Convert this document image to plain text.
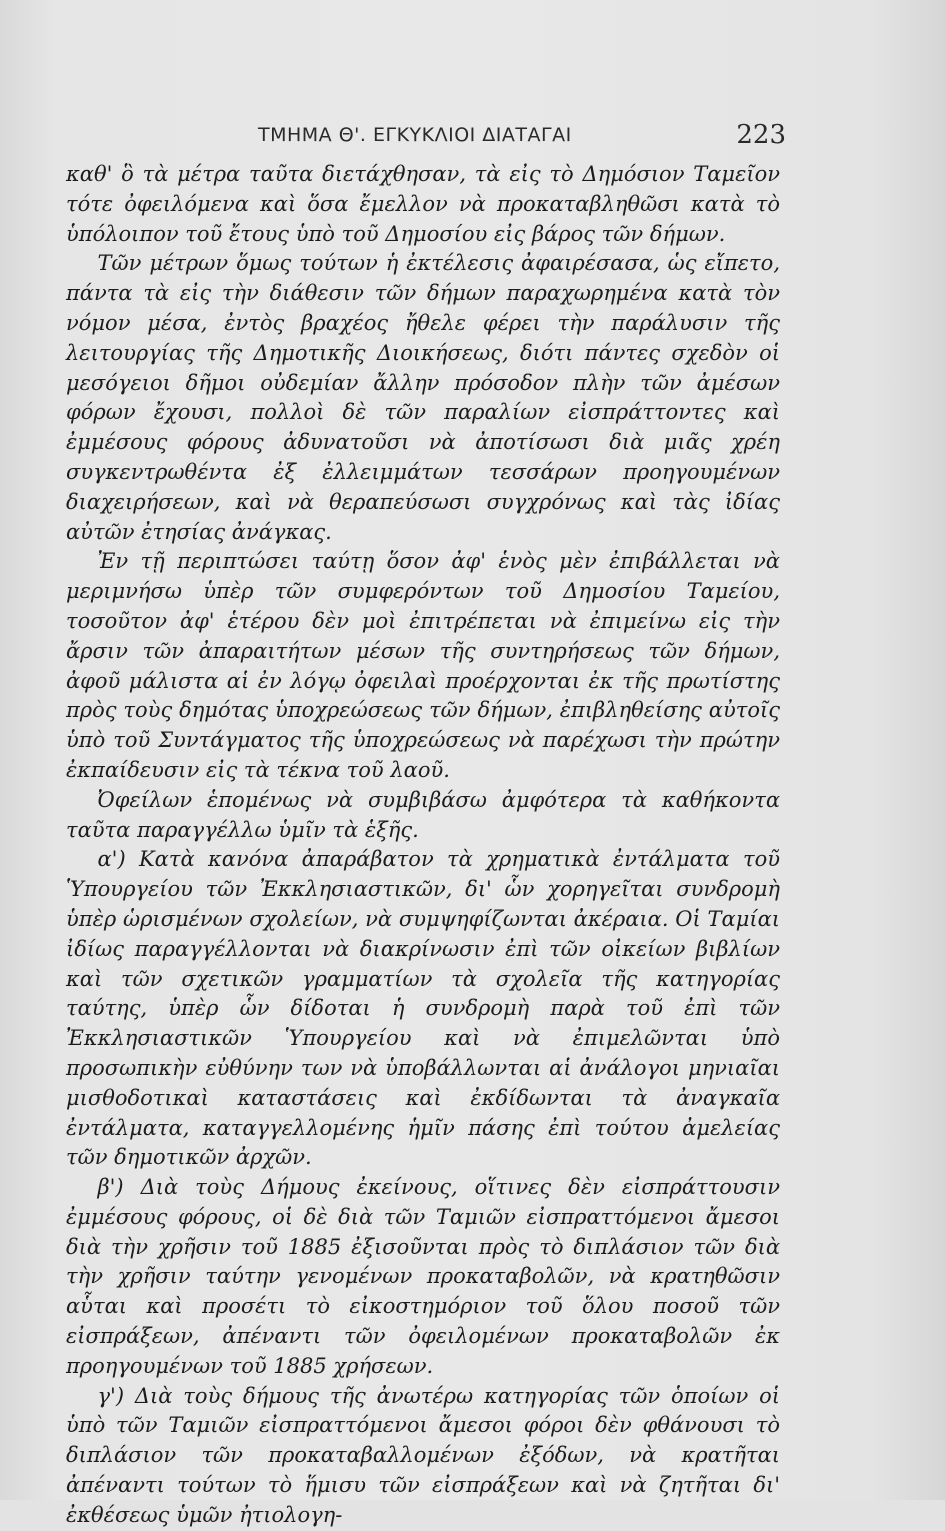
ΤΜΗΜΑ Θ'. ΕΓΚΥΚΛΙΟΙ ΔΙΑΤΑΓΑΙ	223

καθ' ὃ τὰ μέτρα ταῦτα διετάχθησαν, τὰ εἰς τὸ Δημόσιον Ταμεῖον τότε ὀφειλόμενα καὶ ὅσα ἔμελλον νὰ προκαταβληθῶσι κατὰ τὸ ὑπόλοιπον τοῦ ἔτους ὑπὸ τοῦ Δημοσίου εἰς βάρος τῶν δήμων.

Τῶν μέτρων ὅμως τούτων ἡ ἐκτέλεσις ἀφαιρέσασα, ὡς εἴπετο, πάντα τὰ εἰς τὴν διάθεσιν τῶν δήμων παραχωρημένα κατὰ τὸν νόμον μέσα, ἐντὸς βραχέος ἤθελε φέρει τὴν παράλυσιν τῆς λειτουργίας τῆς Δημοτικῆς Διοικήσεως, διότι πάντες σχεδὸν οἱ μεσόγειοι δῆμοι οὐδεμίαν ἄλλην πρόσοδον πλὴν τῶν ἀμέσων φόρων ἔχουσι, πολλοὶ δὲ τῶν παραλίων εἰσπράττοντες καὶ ἐμμέσους φόρους ἀδυνατοῦσι νὰ ἀποτίσωσι διὰ μιᾶς χρέη συγκεντρωθέντα ἐξ ἐλλειμμάτων τεσσάρων προηγουμένων διαχειρήσεων, καὶ νὰ θεραπεύσωσι συγχρόνως καὶ τὰς ἰδίας αὐτῶν ἐτησίας ἀνάγκας.

Ἐν τῇ περιπτώσει ταύτῃ ὅσον ἀφ' ἑνὸς μὲν ἐπιβάλλεται νὰ μεριμνήσω ὑπὲρ τῶν συμφερόντων τοῦ Δημοσίου Ταμείου, τοσοῦτον ἀφ' ἑτέρου δὲν μοὶ ἐπιτρέπεται νὰ ἐπιμείνω εἰς τὴν ἄρσιν τῶν ἀπαραιτήτων μέσων τῆς συντηρήσεως τῶν δήμων, ἀφοῦ μάλιστα αἱ ἐν λόγῳ ὀφειλαὶ προέρχονται ἐκ τῆς πρωτίστης πρὸς τοὺς δημότας ὑποχρεώσεως τῶν δήμων, ἐπιβληθείσης αὐτοῖς ὑπὸ τοῦ Συντάγματος τῆς ὑποχρεώσεως νὰ παρέχωσι τὴν πρώτην ἐκπαίδευσιν εἰς τὰ τέκνα τοῦ λαοῦ.

Ὀφείλων ἑπομένως νὰ συμβιβάσω ἀμφότερα τὰ καθήκοντα ταῦτα παραγγέλλω ὑμῖν τὰ ἑξῆς.

α') Κατὰ κανόνα ἀπαράβατον τὰ χρηματικὰ ἐντάλματα τοῦ Ὑπουργείου τῶν Ἐκκλησιαστικῶν, δι' ὧν χορηγεῖται συνδρομὴ ὑπὲρ ὡρισμένων σχολείων, νὰ συμψηφίζωνται ἀκέραια. Οἱ Ταμίαι ἰδίως παραγγέλλονται νὰ διακρίνωσιν ἐπὶ τῶν οἰκείων βιβλίων καὶ τῶν σχετικῶν γραμματίων τὰ σχολεῖα τῆς κατηγορίας ταύτης, ὑπὲρ ὧν δίδοται ἡ συνδρομὴ παρὰ τοῦ ἐπὶ τῶν Ἐκκλησιαστικῶν Ὑπουργείου καὶ νὰ ἐπιμελῶνται ὑπὸ προσωπικὴν εὐθύνην των νὰ ὑποβάλλωνται αἱ ἀνάλογοι μηνιαῖαι μισθοδοτικαὶ καταστάσεις καὶ ἐκδίδωνται τὰ ἀναγκαῖα ἐντάλματα, καταγγελλομένης ἡμῖν πάσης ἐπὶ τούτου ἀμελείας τῶν δημοτικῶν ἀρχῶν.

β') Διὰ τοὺς Δήμους ἐκείνους, οἵτινες δὲν εἰσπράττουσιν ἐμμέσους φόρους, οἱ δὲ διὰ τῶν Ταμιῶν εἰσπραττόμενοι ἄμεσοι διὰ τὴν χρῆσιν τοῦ 1885 ἐξισοῦνται πρὸς τὸ διπλάσιον τῶν διὰ τὴν χρῆσιν ταύτην γενομένων προκαταβολῶν, νὰ κρατηθῶσιν αὗται καὶ προσέτι τὸ εἰκοστημόριον τοῦ ὅλου ποσοῦ τῶν εἰσπράξεων, ἀπέναντι τῶν ὀφειλομένων προκαταβολῶν ἐκ προηγουμένων τοῦ 1885 χρήσεων.

γ') Διὰ τοὺς δήμους τῆς ἀνωτέρω κατηγορίας τῶν ὁποίων οἱ ὑπὸ τῶν Ταμιῶν εἰσπραττόμενοι ἄμεσοι φόροι δὲν φθάνουσι τὸ διπλάσιον τῶν προκαταβαλλομένων ἐξόδων, νὰ κρατῆται ἀπέναντι τούτων τὸ ἥμισυ τῶν εἰσπράξεων καὶ νὰ ζητῆται δι' ἐκθέσεως ὑμῶν ἠτιολογη-
